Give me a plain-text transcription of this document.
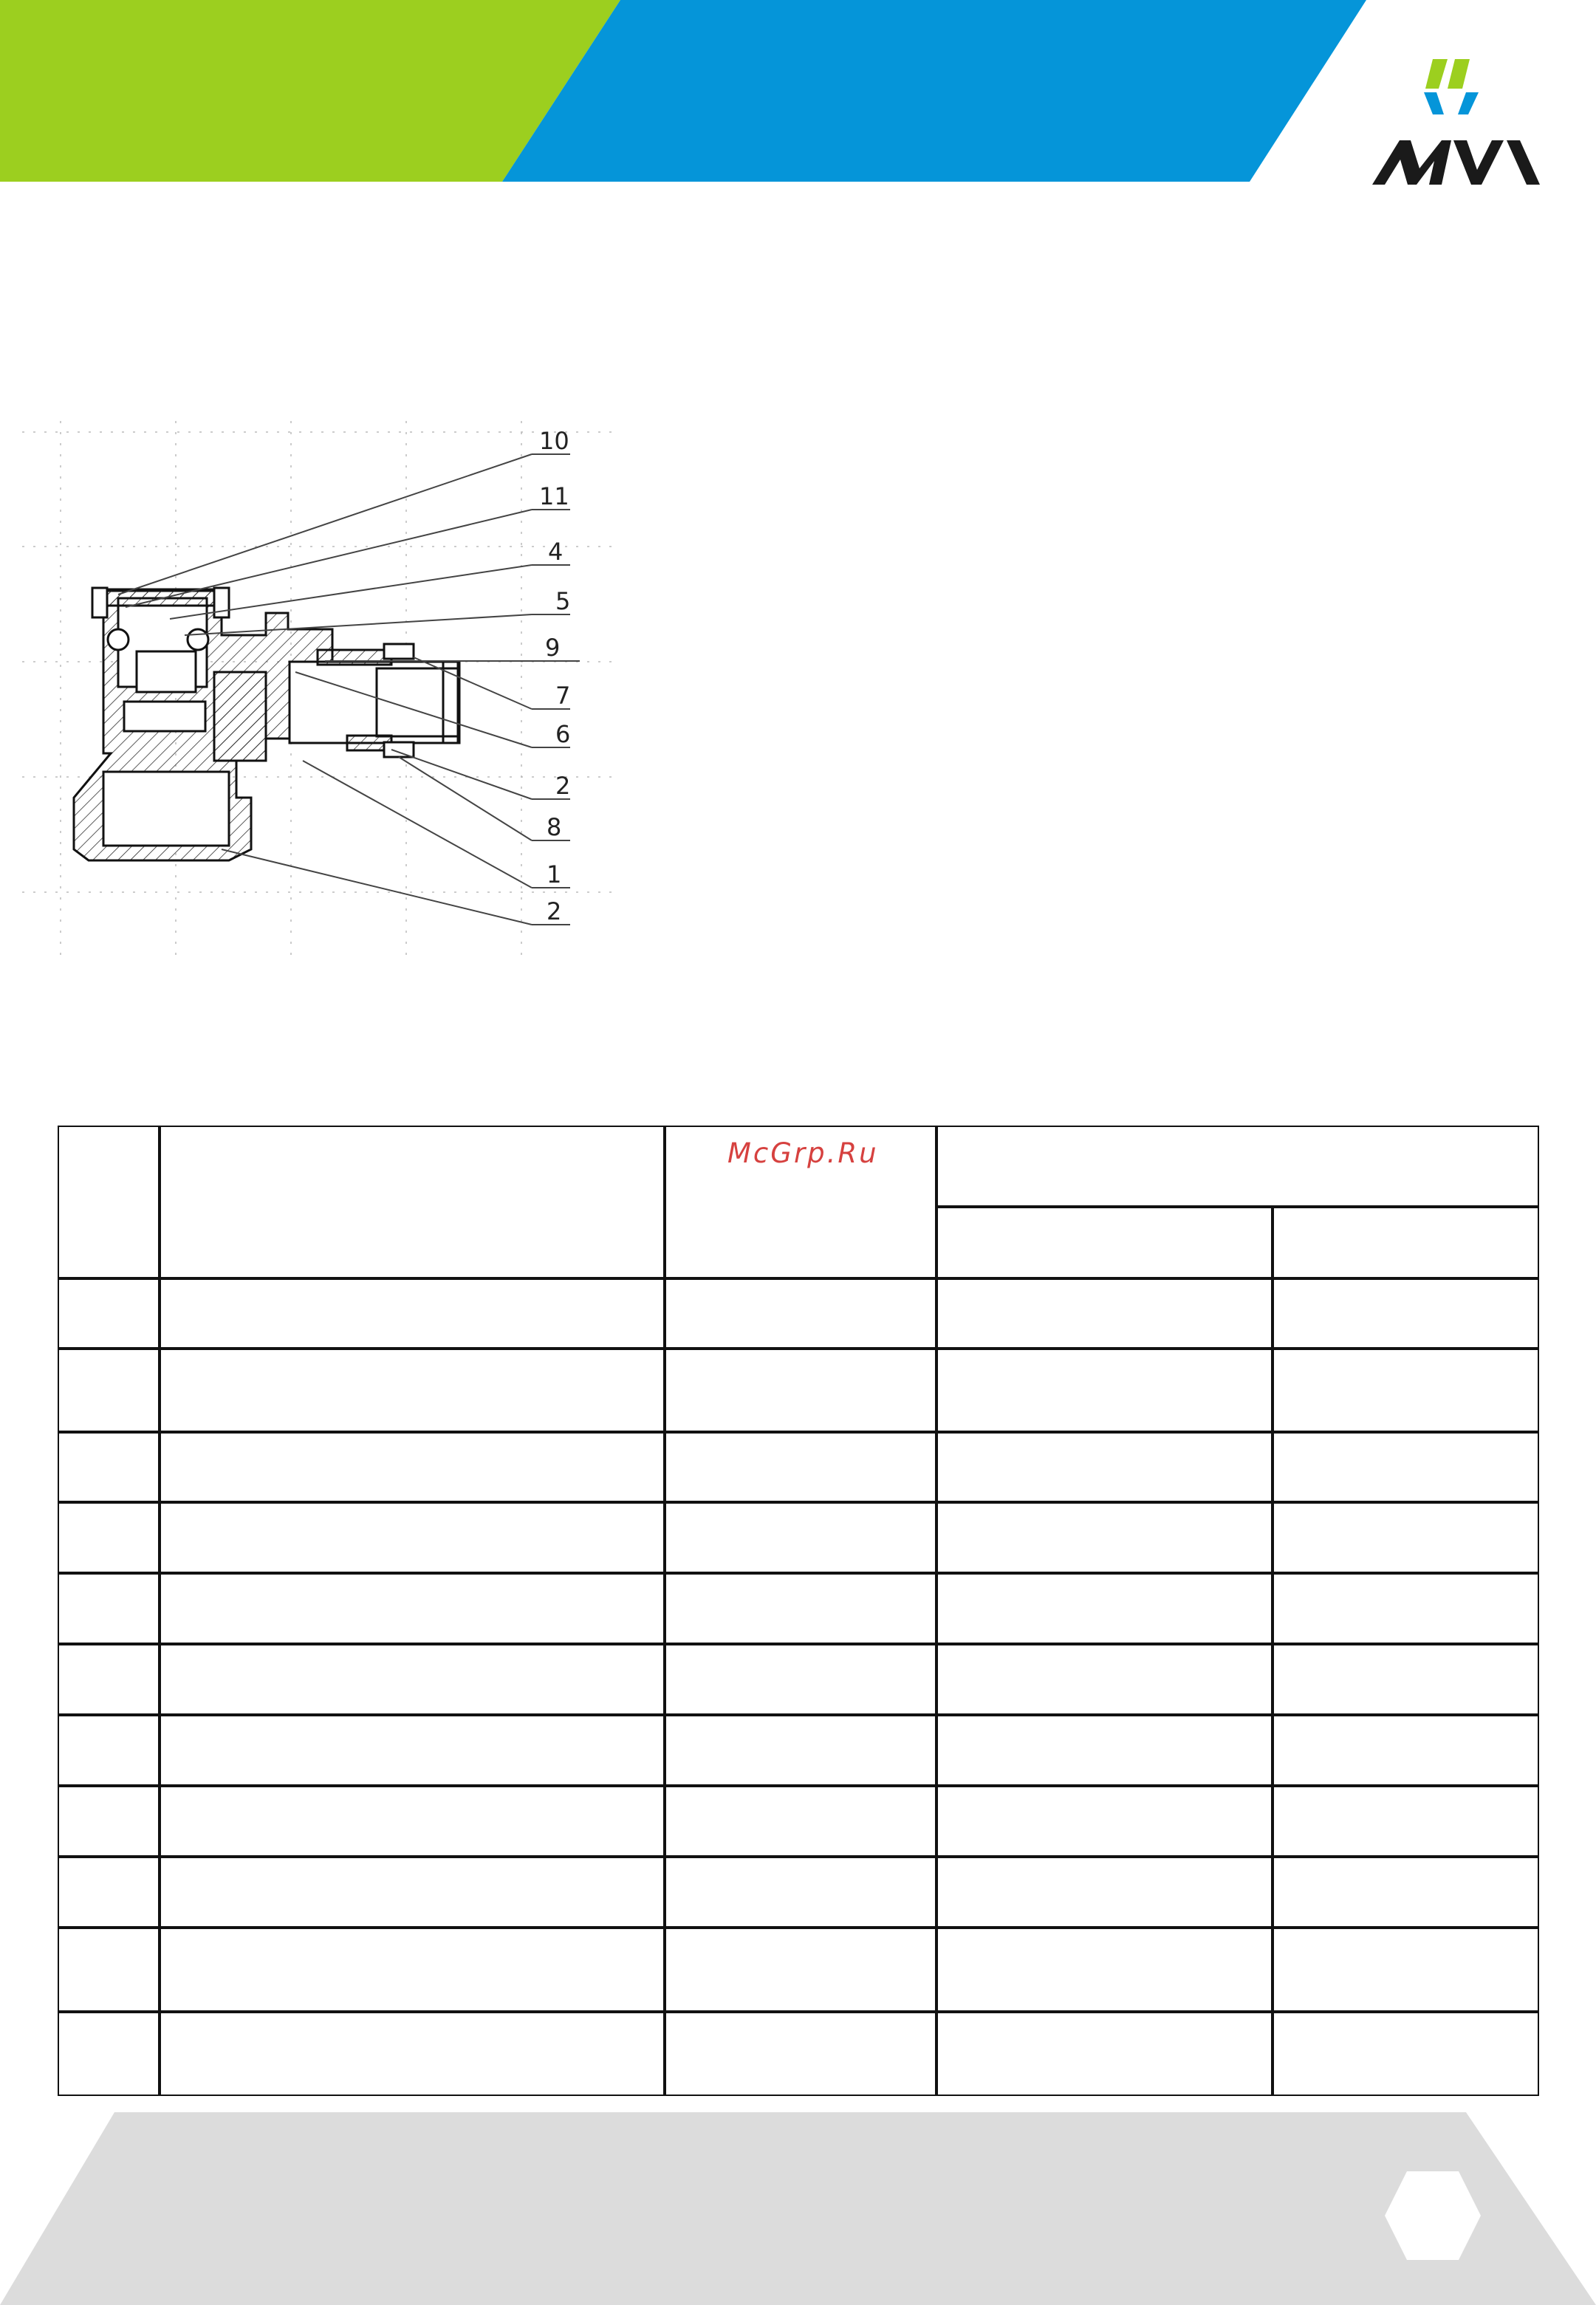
10
11
4
5
9
7
6
2
8
1
2
McGrp.Ru
